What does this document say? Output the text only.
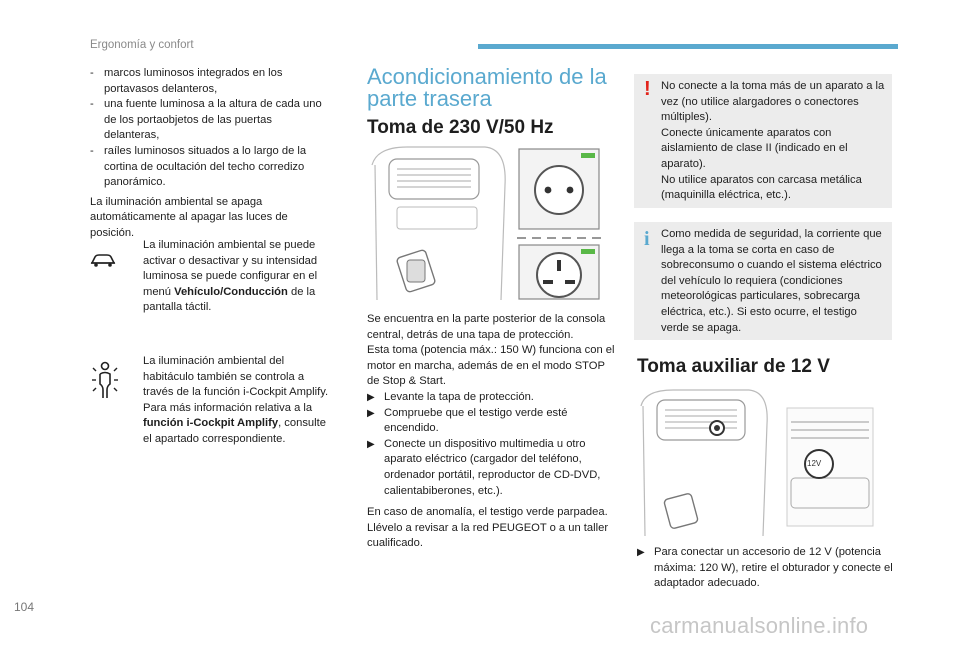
Ergonomía y confort
- marcos luminosos integrados en los portavasos delanteros,
- una fuente luminosa a la altura de cada uno de los portaobjetos de las puertas delanteras,
- raíles luminosos situados a lo largo de la cortina de ocultación del techo corredizo panorámico.

La iluminación ambiental se apaga automáticamente al apagar las luces de posición.

La iluminación ambiental se puede activar o desactivar y su intensidad luminosa se puede configurar en el menú Vehículo/Conducción de la pantalla táctil.
La iluminación ambiental del habitáculo también se controla a través de la función i-Cockpit Amplify.
Para más información relativa a la función i-Cockpit Amplify, consulte el apartado correspondiente.
Acondicionamiento de la
parte trasera
Toma de 230 V/50 Hz

Se encuentra en la parte posterior de la consola central, detrás de una tapa de protección.

Esta toma (potencia máx.: 150 W) funciona con el motor en marcha, además de en el modo STOP de Stop & Start.

▶ Levante la tapa de protección.
▶ Compruebe que el testigo verde esté encendido.
▶ Conecte un dispositivo multimedia u otro aparato eléctrico (cargador del teléfono, ordenador portátil, reproductor de CD-DVD, calientabiberones, etc.).

En caso de anomalía, el testigo verde parpadea.

Llévelo a revisar a la red PEUGEOT o a un taller cualificado.

! No conecte a la toma más de un aparato a la vez (no utilice alargadores o conectores múltiples).

Conecte únicamente aparatos con aislamiento de clase II (indicado en el aparato).

No utilice aparatos con carcasa metálica (maquinilla eléctrica, etc.).

i Como medida de seguridad, la corriente que llega a la toma se corta en caso de sobreconsumo o cuando el sistema eléctrico del vehículo lo requiera (condiciones meteorológicas particulares, sobrecarga eléctrica, etc.). Si esto ocurre, el testigo verde se apaga.

Toma auxiliar de 12 V
12V
▶ Para conectar un accesorio de 12 V (potencia máxima: 120 W), retire el obturador y conecte el adaptador adecuado.
104
carmanualsonline.info
